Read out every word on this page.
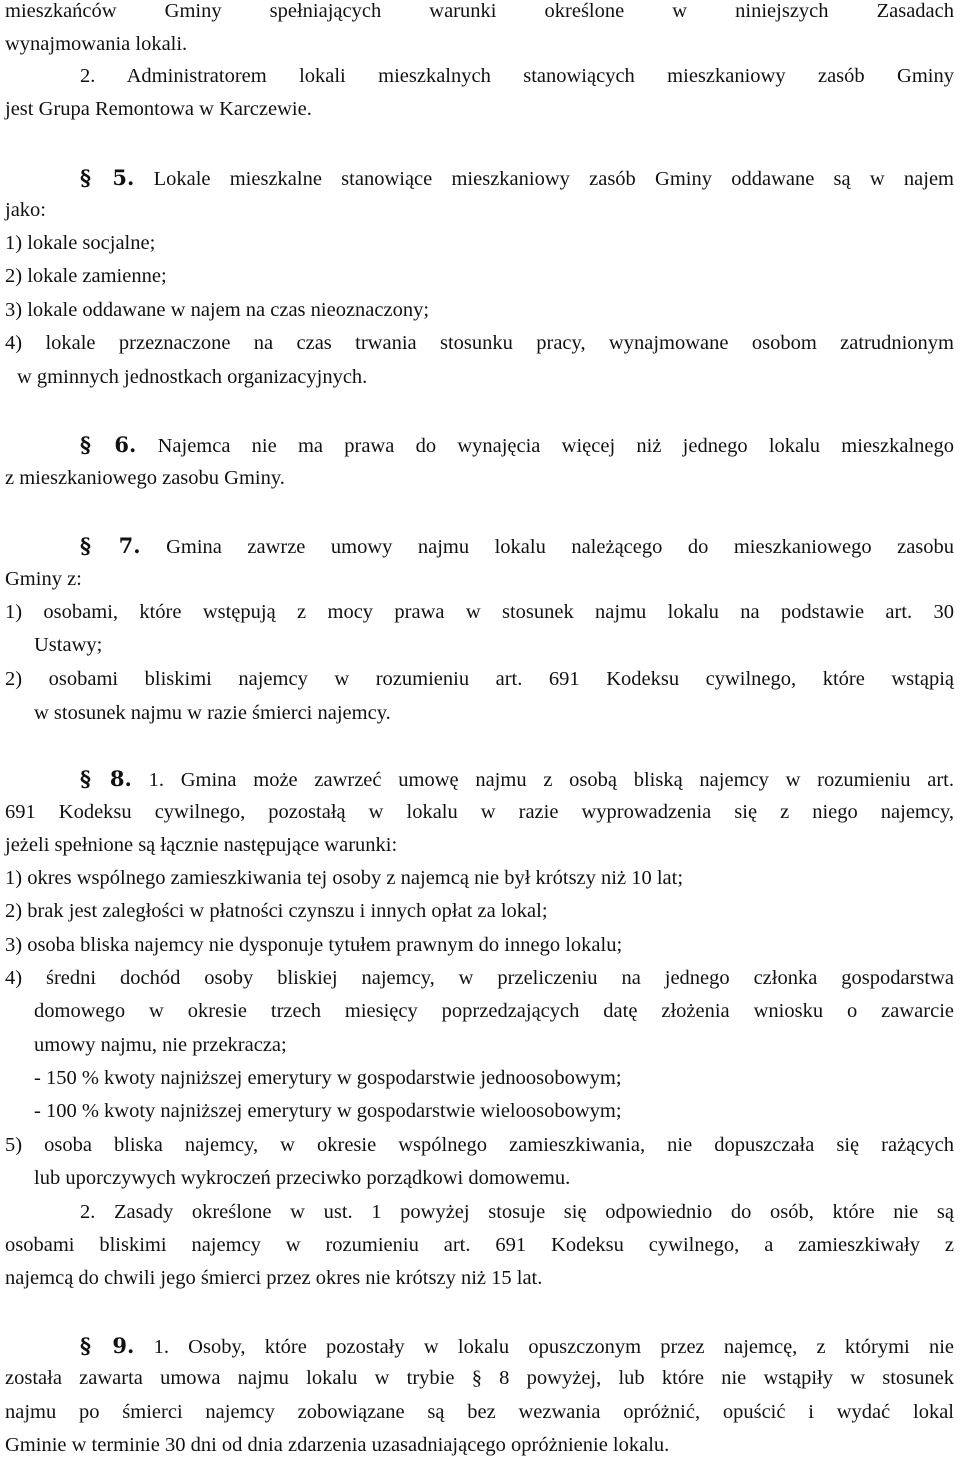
mieszkańców Gminy spełniających warunki określone w niniejszych Zasadach
wynajmowania lokali.
2. Administratorem lokali mieszkalnych stanowiących mieszkaniowy zasób Gminy
jest Grupa Remontowa w Karczewie.
§ 5. Lokale mieszkalne stanowiące mieszkaniowy zasób Gminy oddawane są w najem
jako:
1) lokale socjalne;
2) lokale zamienne;
3) lokale oddawane w najem na czas nieoznaczony;
4) lokale przeznaczone na czas trwania stosunku pracy, wynajmowane osobom zatrudnionym
w gminnych jednostkach organizacyjnych.
§ 6. Najemca nie ma prawa do wynajęcia więcej niż jednego lokalu mieszkalnego
z mieszkaniowego zasobu Gminy.
§ 7. Gmina zawrze umowy najmu lokalu należącego do mieszkaniowego zasobu
Gminy z:
1) osobami, które wstępują z mocy prawa w stosunek najmu lokalu na podstawie art. 30
Ustawy;
2) osobami bliskimi najemcy w rozumieniu art. 691 Kodeksu cywilnego, które wstąpią
w stosunek najmu w razie śmierci najemcy.
§ 8. 1. Gmina może zawrzeć umowę najmu z osobą bliską najemcy w rozumieniu art.
691 Kodeksu cywilnego, pozostałą w lokalu w razie wyprowadzenia się z niego najemcy,
jeżeli spełnione są łącznie następujące warunki:
1) okres wspólnego zamieszkiwania tej osoby z najemcą nie był krótszy niż 10 lat;
2) brak jest zaległości w płatności czynszu i innych opłat za lokal;
3) osoba bliska najemcy nie dysponuje tytułem prawnym do innego lokalu;
4) średni dochód osoby bliskiej najemcy, w przeliczeniu na jednego członka gospodarstwa
domowego w okresie trzech miesięcy poprzedzających datę złożenia wniosku o zawarcie
umowy najmu, nie przekracza;
- 150 % kwoty najniższej emerytury w gospodarstwie jednoosobowym;
- 100 % kwoty najniższej emerytury w gospodarstwie wieloosobowym;
5) osoba bliska najemcy, w okresie wspólnego zamieszkiwania, nie dopuszczała się rażących
lub uporczywych wykroczeń przeciwko porządkowi domowemu.
2. Zasady określone w ust. 1 powyżej stosuje się odpowiednio do osób, które nie są
osobami bliskimi najemcy w rozumieniu art. 691 Kodeksu cywilnego, a zamieszkiwały z
najemcą do chwili jego śmierci przez okres nie krótszy niż 15 lat.
§ 9. 1. Osoby, które pozostały w lokalu opuszczonym przez najemcę, z którymi nie
została zawarta umowa najmu lokalu w trybie § 8 powyżej, lub które nie wstąpiły w stosunek
najmu po śmierci najemcy zobowiązane są bez wezwania opróżnić, opuścić i wydać lokal
Gminie w terminie 30 dni od dnia zdarzenia uzasadniającego opróżnienie lokalu.
